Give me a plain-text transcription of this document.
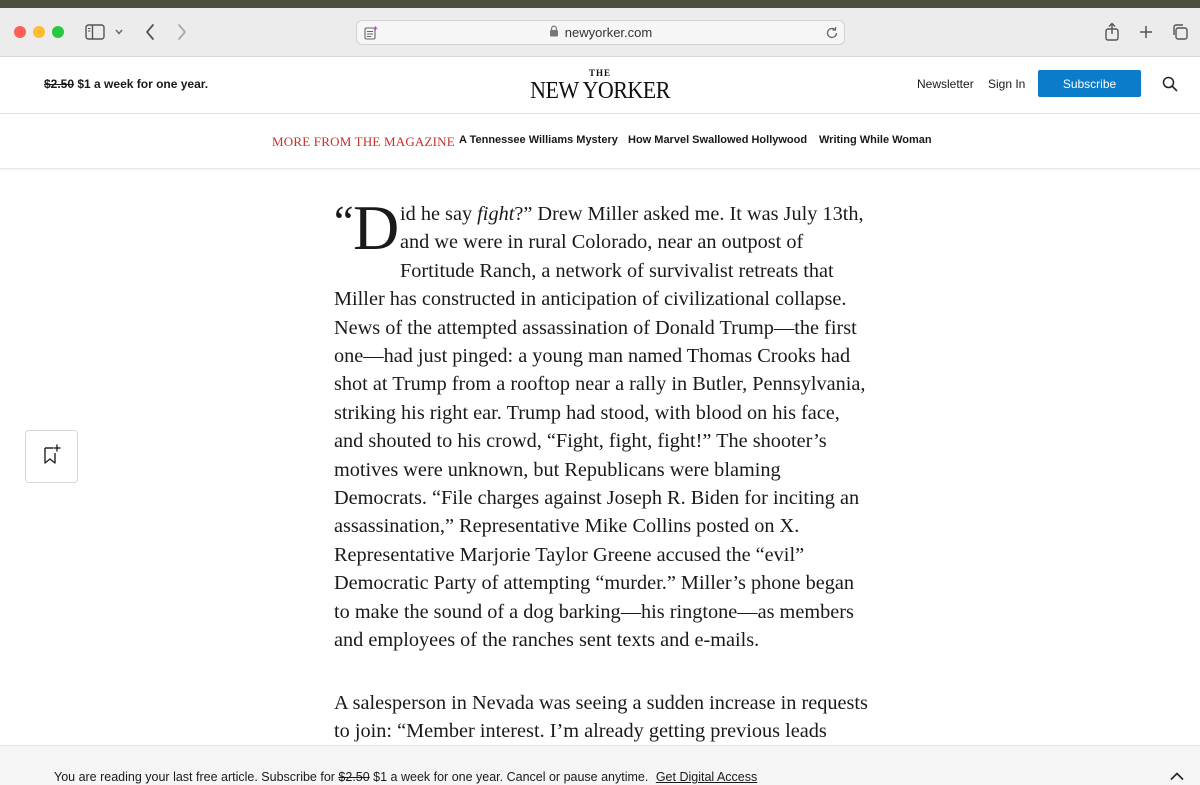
newyorker.com
$2.50 $1 a week for one year.
THE
NEW YORKER	Newsletter Sign In	Subscribe
MORE FROM THE MAGAZINE A Tennessee Williams Mystery How Marvel Swallowed Hollywood Writing While Woman

“ D id he say fight?” Drew Miller asked me. It was July 13th, and we were in rural Colorado, near an outpost of Fortitude Ranch, a network of survivalist retreats that Miller has constructed in anticipation of civilizational collapse. News of the attempted assassination of Donald Trump—the first one—had just pinged: a young man named Thomas Crooks had shot at Trump from a rooftop near a rally in Butler, Pennsylvania, striking his right ear. Trump had stood, with blood on his face, and shouted to his crowd, “Fight, fight, fight!” The shooter’s motives were unknown, but Republicans were blaming Democrats. “File charges against Joseph R. Biden for inciting an assassination,” Representative Mike Collins posted on X. Representative Marjorie Taylor Greene accused the “evil” Democratic Party of attempting “murder.” Miller’s phone began to make the sound of a dog barking—his ringtone—as members and employees of the ranches sent texts and e-mails.

A salesperson in Nevada was seeing a sudden increase in requests to join: “Member interest. I’m already getting previous leads

You are reading your last free article. Subscribe for $2.50 $1 a week for one year. Cancel or pause anytime. Get Digital Access
